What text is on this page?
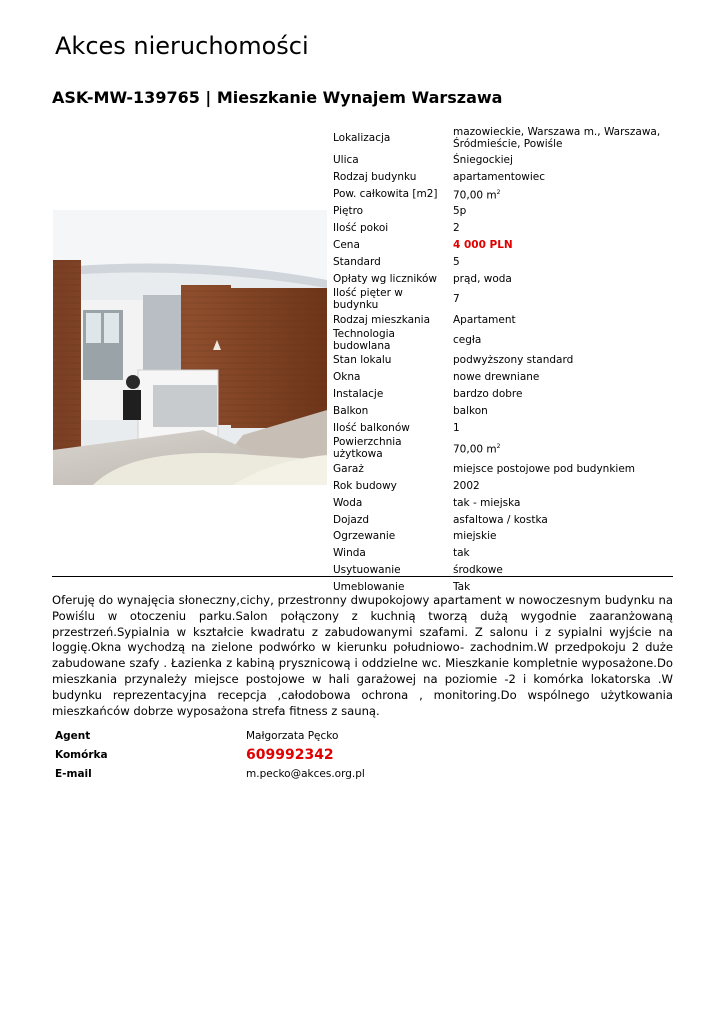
Akces nieruchomości
ASK-MW-139765 | Mieszkanie Wynajem Warszawa
Lokalizacja	mazowieckie, Warszawa m., Warszawa, Śródmieście, Powiśle
Ulica	Śniegockiej
Rodzaj budynku	apartamentowiec
Pow. całkowita [m2]	70,00 $m^2$
Piętro	5p
Ilość pokoi	2
Cena	4 000 PLN
Standard	5
Opłaty wg liczników	prąd, woda
Ilość pięter w budynku	7
Rodzaj mieszkania	Apartament
Technologia budowlana	cegła
Stan lokalu	podwyższony standard
Okna	nowe drewniane
Instalacje	bardzo dobre
Balkon	balkon
Ilość balkonów	1
Powierzchnia użytkowa	70,00 $m^2$
Garaż	miejsce postojowe pod budynkiem
Rok budowy	2002
Woda	tak - miejska
Dojazd	asfaltowa / kostka
Ogrzewanie	miejskie
Winda	tak
Usytuowanie	środkowe
Umeblowanie	Tak

Oferuję do wynajęcia słoneczny,cichy, przestronny dwupokojowy apartament w nowoczesnym budynku na Powiślu w otoczeniu parku.Salon połączony z kuchnią tworzą dużą wygodnie zaaranżowaną przestrzeń.Sypialnia w kształcie kwadratu z zabudowanymi szafami. Z salonu i z sypialni wyjście na loggię.Okna wychodzą na zielone podwórko w kierunku południowo- zachodnim.W przedpokoju 2 duże zabudowane szafy . Łazienka z kabiną prysznicową i oddzielne wc. Mieszkanie kompletnie wyposażone.Do mieszkania przynależy miejsce postojowe w hali garażowej na poziomie -2 i komórka lokatorska .W budynku reprezentacyjna recepcja ,całodobowa ochrona , monitoring.Do wspólnego użytkowania mieszkańców dobrze wyposażona strefa fitness z sauną.

Agent	Małgorzata Pęcko
Komórka	609992342
E-mail	m.pecko@akces.org.pl
